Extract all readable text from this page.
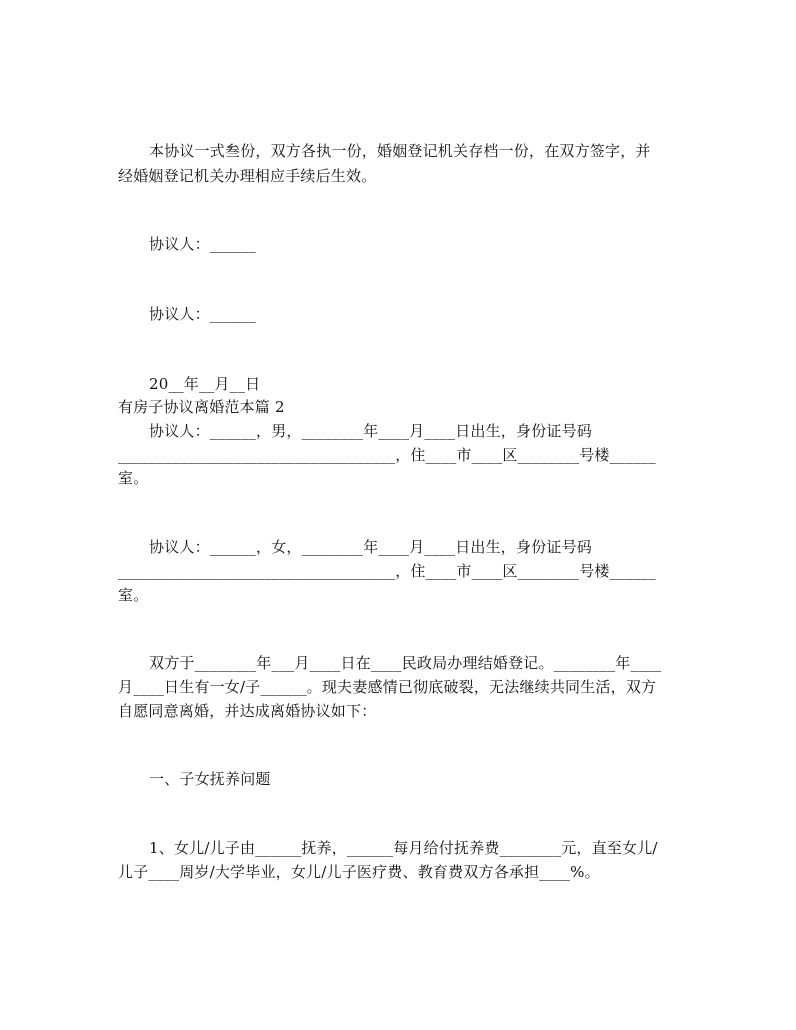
本协议一式叁份，双方各执一份，婚姻登记机关存档一份，在双方签字，并
经婚姻登记机关办理相应手续后生效。
协议人：______
协议人：______
20__年__月__日
有房子协议离婚范本篇 2
协议人：______，男，________年____月____日出生，身份证号码
____________________________________，住____市____区________号楼______
室。
协议人：______，女，________年____月____日出生，身份证号码
____________________________________，住____市____区________号楼______
室。
双方于________年___月____日在____民政局办理结婚登记。________年____
月____日生有一女/子______。现夫妻感情已彻底破裂，无法继续共同生活，双方
自愿同意离婚，并达成离婚协议如下：
一、子女抚养问题
1、女儿/儿子由______抚养，______每月给付抚养费________元，直至女儿/
儿子____周岁/大学毕业，女儿/儿子医疗费、教育费双方各承担____%。
